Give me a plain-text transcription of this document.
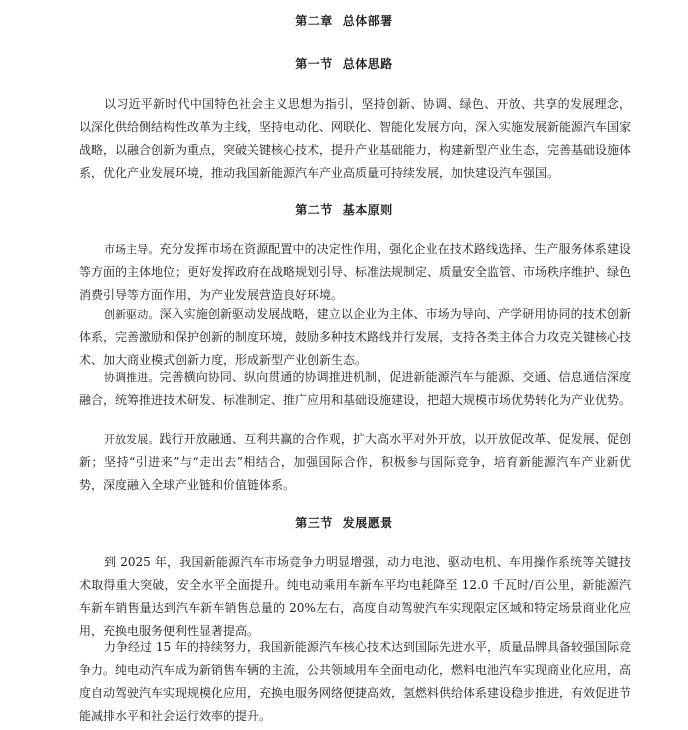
第二章 总体部署
第一节 总体思路

以习近平新时代中国特色社会主义思想为指引，坚持创新、协调、绿色、开放、共享的发展理念，以深化供给侧结构性改革为主线，坚持电动化、网联化、智能化发展方向，深入实施发展新能源汽车国家战略，以融合创新为重点，突破关键核心技术，提升产业基础能力，构建新型产业生态，完善基础设施体系，优化产业发展环境，推动我国新能源汽车产业高质量可持续发展，加快建设汽车强国。

第二节 基本原则

市场主导。充分发挥市场在资源配置中的决定性作用，强化企业在技术路线选择、生产服务体系建设等方面的主体地位；更好发挥政府在战略规划引导、标准法规制定、质量安全监管、市场秩序维护、绿色消费引导等方面作用，为产业发展营造良好环境。

创新驱动。深入实施创新驱动发展战略，建立以企业为主体、市场为导向、产学研用协同的技术创新体系，完善激励和保护创新的制度环境，鼓励多种技术路线并行发展，支持各类主体合力攻克关键核心技术、加大商业模式创新力度，形成新型产业创新生态。

协调推进。完善横向协同、纵向贯通的协调推进机制，促进新能源汽车与能源、交通、信息通信深度融合，统筹推进技术研发、标准制定、推广应用和基础设施建设，把超大规模市场优势转化为产业优势。

开放发展。践行开放融通、互利共赢的合作观，扩大高水平对外开放，以开放促改革、促发展、促创新；坚持“引进来”与“走出去”相结合，加强国际合作，积极参与国际竞争，培育新能源汽车产业新优势，深度融入全球产业链和价值链体系。

第三节 发展愿景

到 2025 年，我国新能源汽车市场竞争力明显增强，动力电池、驱动电机、车用操作系统等关键技术取得重大突破，安全水平全面提升。纯电动乘用车新车平均电耗降至 12.0 千瓦时/百公里，新能源汽车新车销售量达到汽车新车销售总量的 20%左右，高度自动驾驶汽车实现限定区域和特定场景商业化应用，充换电服务便利性显著提高。

力争经过 15 年的持续努力，我国新能源汽车核心技术达到国际先进水平，质量品牌具备较强国际竞争力。纯电动汽车成为新销售车辆的主流，公共领域用车全面电动化，燃料电池汽车实现商业化应用，高度自动驾驶汽车实现规模化应用，充换电服务网络便捷高效，氢燃料供给体系建设稳步推进，有效促进节能减排水平和社会运行效率的提升。
